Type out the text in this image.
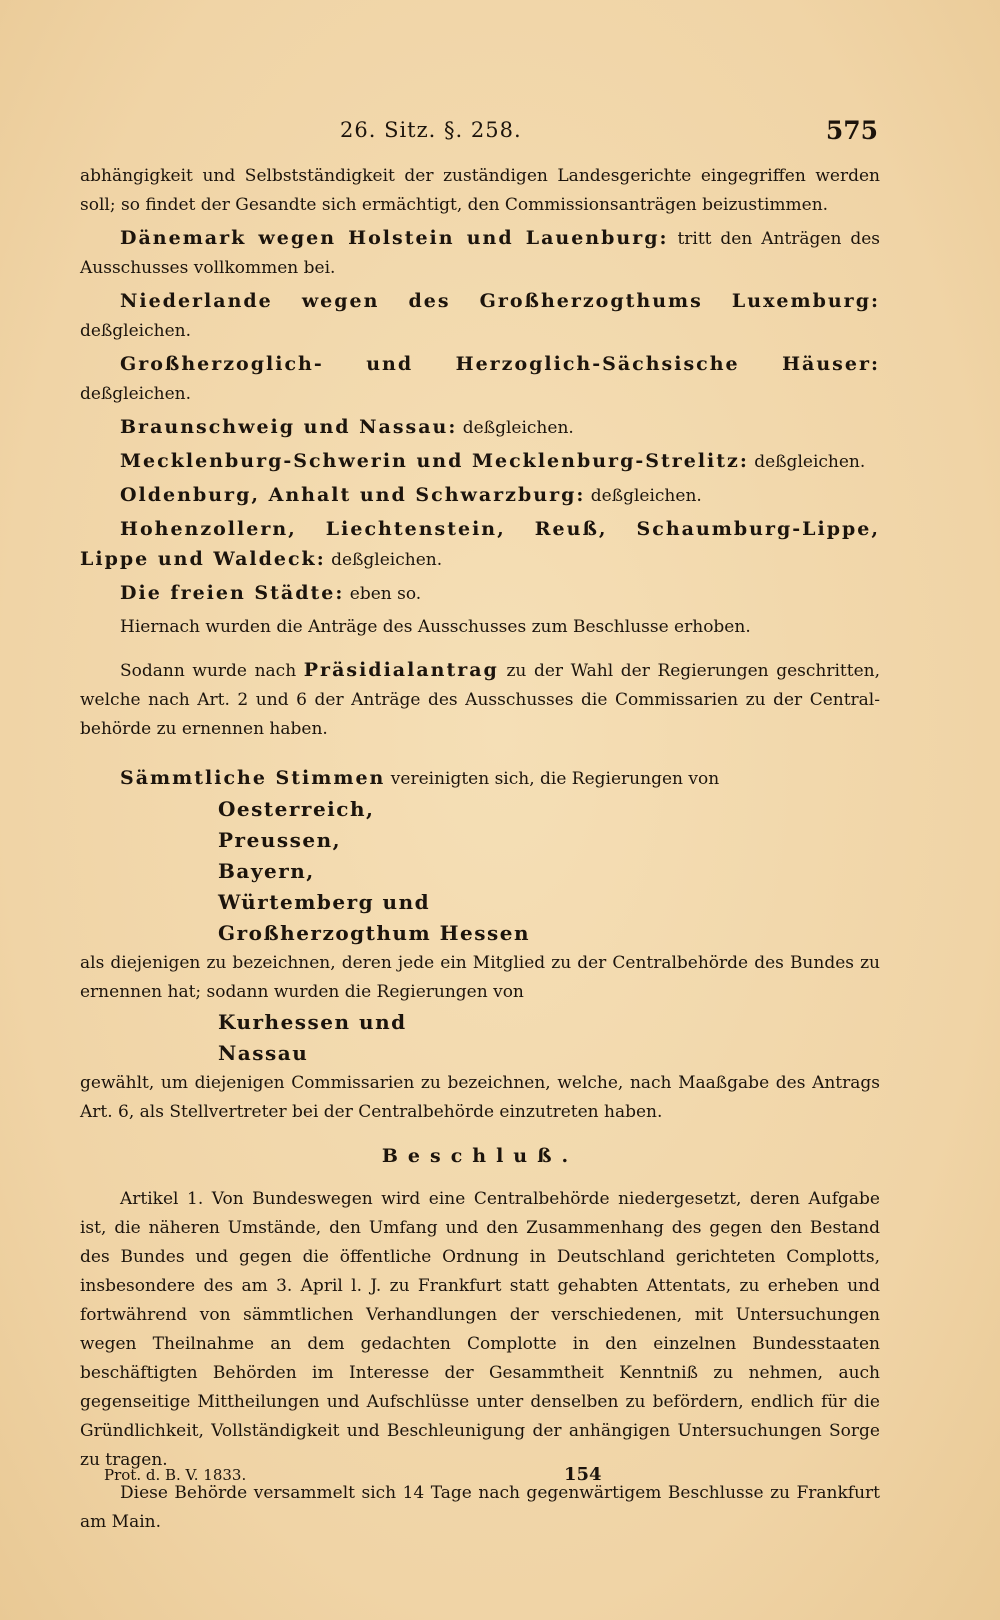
26. Sitz. §. 258.	575

abhängigkeit und Selbstständigkeit der zuständigen Landesgerichte eingegriffen werden soll; so findet der Gesandte sich ermächtigt, den Commissionsanträgen beizustimmen.

Dänemark wegen Holstein und Lauenburg: tritt den Anträgen des Ausschusses vollkommen bei.

Niederlande wegen des Großherzogthums Luxemburg: deßgleichen.

Großherzoglich- und Herzoglich-Sächsische Häuser: deßgleichen.

Braunschweig und Nassau: deßgleichen.

Mecklenburg-Schwerin und Mecklenburg-Strelitz: deßgleichen.

Oldenburg, Anhalt und Schwarzburg: deßgleichen.

Hohenzollern, Liechtenstein, Reuß, Schaumburg-Lippe, Lippe und Waldeck: deßgleichen.

Die freien Städte: eben so.

Hiernach wurden die Anträge des Ausschusses zum Beschlusse erhoben.

Sodann wurde nach Präsidialantrag zu der Wahl der Regierungen geschritten, welche nach Art. 2 und 6 der Anträge des Ausschusses die Commissarien zu der Central-behörde zu ernennen haben.

Sämmtliche Stimmen vereinigten sich, die Regierungen von

Oesterreich,
Preussen,
Bayern,
Würtemberg und
Großherzogthum Hessen

als diejenigen zu bezeichnen, deren jede ein Mitglied zu der Centralbehörde des Bundes zu ernennen hat; sodann wurden die Regierungen von

Kurhessen und
Nassau

gewählt, um diejenigen Commissarien zu bezeichnen, welche, nach Maaßgabe des Antrags Art. 6, als Stellvertreter bei der Centralbehörde einzutreten haben.

Beschluß.

Artikel 1. Von Bundeswegen wird eine Centralbehörde niedergesetzt, deren Aufgabe ist, die näheren Umstände, den Umfang und den Zusammenhang des gegen den Bestand des Bundes und gegen die öffentliche Ordnung in Deutschland gerichteten Complotts, insbesondere des am 3. April l. J. zu Frankfurt statt gehabten Attentats, zu erheben und fortwährend von sämmtlichen Verhandlungen der verschiedenen, mit Untersuchungen wegen Theilnahme an dem gedachten Complotte in den einzelnen Bundesstaaten beschäftigten Behörden im Interesse der Gesammtheit Kenntniß zu nehmen, auch gegenseitige Mittheilungen und Aufschlüsse unter denselben zu befördern, endlich für die Gründlichkeit, Vollständigkeit und Beschleunigung der anhängigen Untersuchungen Sorge zu tragen.

Diese Behörde versammelt sich 14 Tage nach gegenwärtigem Beschlusse zu Frankfurt am Main.

Prot. d. B. V. 1833.	154
